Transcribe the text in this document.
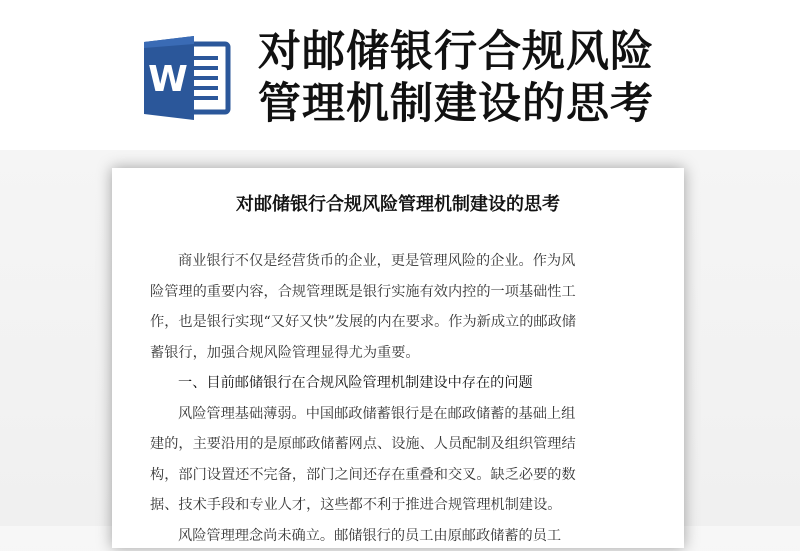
W
对邮储银行合规风险
管理机制建设的思考
对邮储银行合规风险管理机制建设的思考
商业银行不仅是经营货币的企业，更是管理风险的企业。作为风
险管理的重要内容，合规管理既是银行实施有效内控的一项基础性工
作，也是银行实现“又好又快”发展的内在要求。作为新成立的邮政储
蓄银行，加强合规风险管理显得尤为重要。
一、目前邮储银行在合规风险管理机制建设中存在的问题
风险管理基础薄弱。中国邮政储蓄银行是在邮政储蓄的基础上组
建的，主要沿用的是原邮政储蓄网点、设施、人员配制及组织管理结
构，部门设置还不完备，部门之间还存在重叠和交叉。缺乏必要的数
据、技术手段和专业人才，这些都不利于推进合规管理机制建设。
风险管理理念尚未确立。邮储银行的员工由原邮政储蓄的员工
